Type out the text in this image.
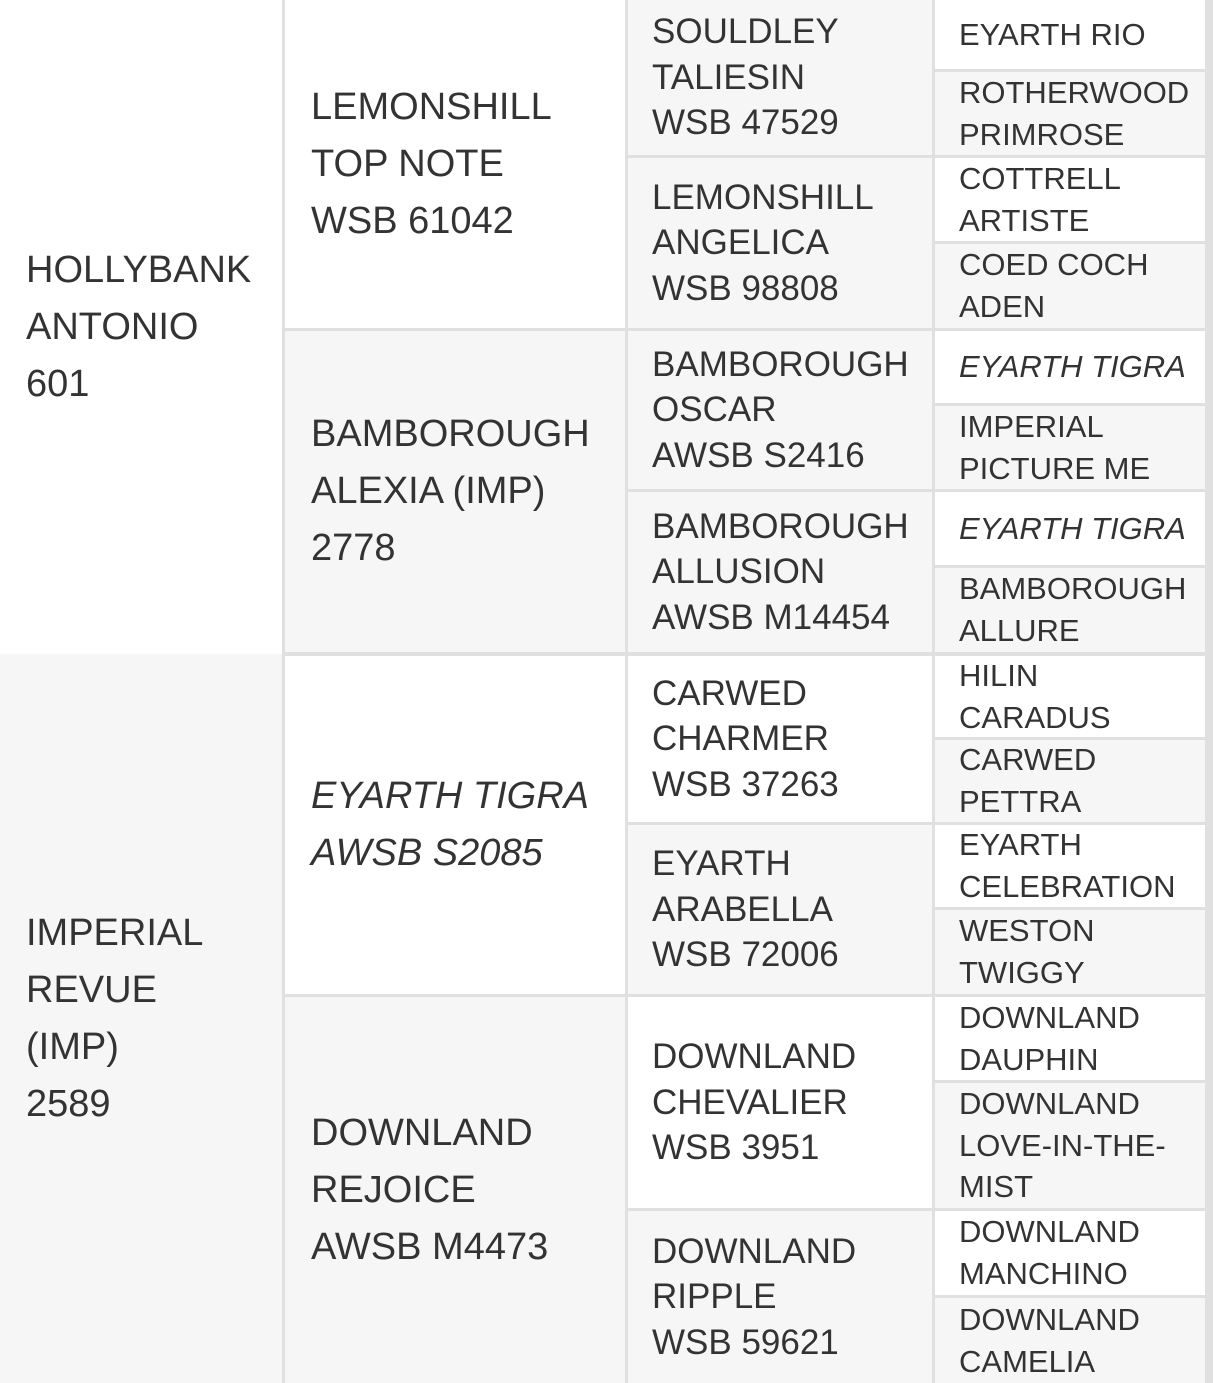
HOLLYBANK
ANTONIO
601
IMPERIAL
REVUE
(IMP)
2589
LEMONSHILL
TOP NOTE
WSB 61042
BAMBOROUGH
ALEXIA (IMP)
2778
EYARTH TIGRA
AWSB S2085
DOWNLAND
REJOICE
AWSB M4473
SOULDLEY
TALIESIN
WSB 47529
LEMONSHILL
ANGELICA
WSB 98808
BAMBOROUGH
OSCAR
AWSB S2416
BAMBOROUGH
ALLUSION
AWSB M14454
CARWED
CHARMER
WSB 37263
EYARTH
ARABELLA
WSB 72006
DOWNLAND
CHEVALIER
WSB 3951
DOWNLAND
RIPPLE
WSB 59621
EYARTH RIO
ROTHERWOOD
PRIMROSE
COTTRELL
ARTISTE
COED COCH
ADEN
EYARTH TIGRA
IMPERIAL
PICTURE ME
EYARTH TIGRA
BAMBOROUGH
ALLURE
HILIN
CARADUS
CARWED
PETTRA
EYARTH
CELEBRATION
WESTON
TWIGGY
DOWNLAND
DAUPHIN
DOWNLAND
LOVE-IN-THE-
MIST
DOWNLAND
MANCHINO
DOWNLAND
CAMELIA
